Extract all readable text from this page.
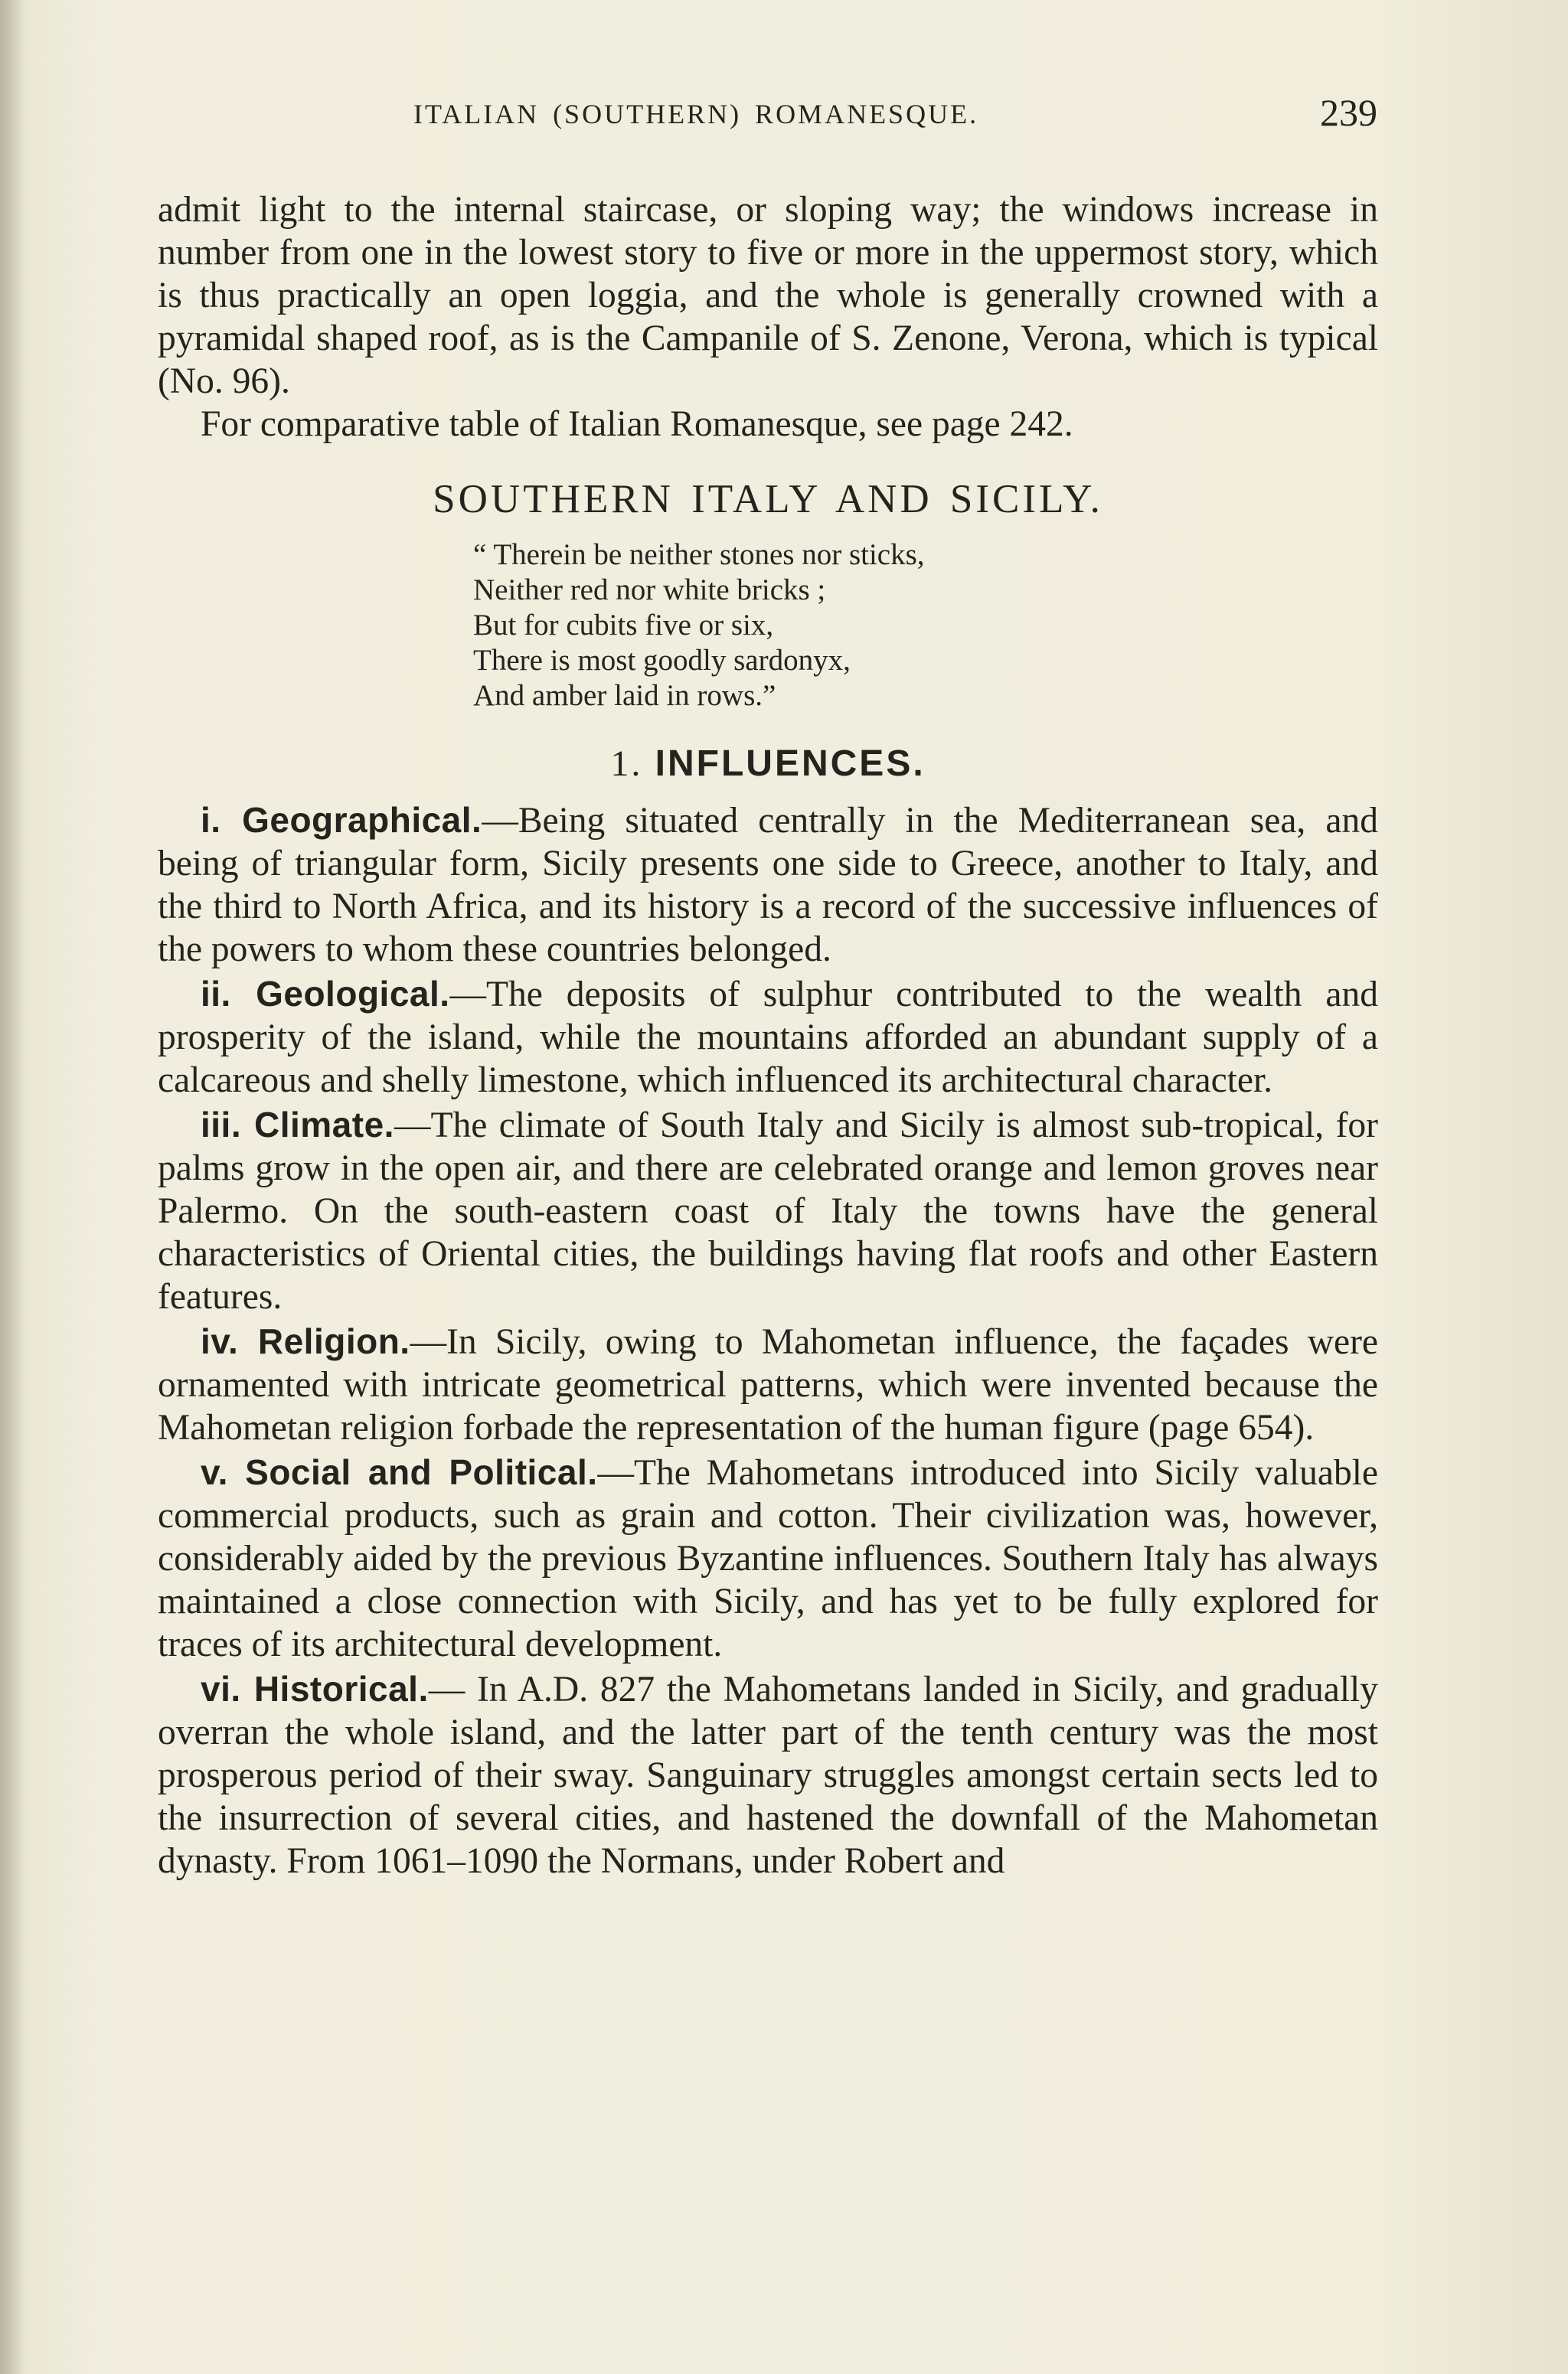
ITALIAN (SOUTHERN) ROMANESQUE.	239

admit light to the internal staircase, or sloping way; the windows increase in number from one in the lowest story to five or more in the uppermost story, which is thus practically an open loggia, and the whole is generally crowned with a pyramidal shaped roof, as is the Campanile of S. Zenone, Verona, which is typical (No. 96).

For comparative table of Italian Romanesque, see page 242.

SOUTHERN ITALY AND SICILY.
“ Therein be neither stones nor sticks,
Neither red nor white bricks ;
But for cubits five or six,
There is most goodly sardonyx,
And amber laid in rows.”
1. INFLUENCES.

i. Geographical.—Being situated centrally in the Mediterranean sea, and being of triangular form, Sicily presents one side to Greece, another to Italy, and the third to North Africa, and its history is a record of the successive influences of the powers to whom these countries belonged.

ii. Geological.—The deposits of sulphur contributed to the wealth and prosperity of the island, while the mountains afforded an abundant supply of a calcareous and shelly limestone, which influenced its architectural character.

iii. Climate.—The climate of South Italy and Sicily is almost sub-tropical, for palms grow in the open air, and there are celebrated orange and lemon groves near Palermo. On the south-eastern coast of Italy the towns have the general characteristics of Oriental cities, the buildings having flat roofs and other Eastern features.

iv. Religion.—In Sicily, owing to Mahometan influence, the façades were ornamented with intricate geometrical patterns, which were invented because the Mahometan religion forbade the representation of the human figure (page 654).

v. Social and Political.—The Mahometans introduced into Sicily valuable commercial products, such as grain and cotton. Their civilization was, however, considerably aided by the previous Byzantine influences. Southern Italy has always maintained a close connection with Sicily, and has yet to be fully explored for traces of its architectural development.

vi. Historical.— In A.D. 827 the Mahometans landed in Sicily, and gradually overran the whole island, and the latter part of the tenth century was the most prosperous period of their sway. Sanguinary struggles amongst certain sects led to the insurrection of several cities, and hastened the downfall of the Mahometan dynasty. From 1061–1090 the Normans, under Robert and
